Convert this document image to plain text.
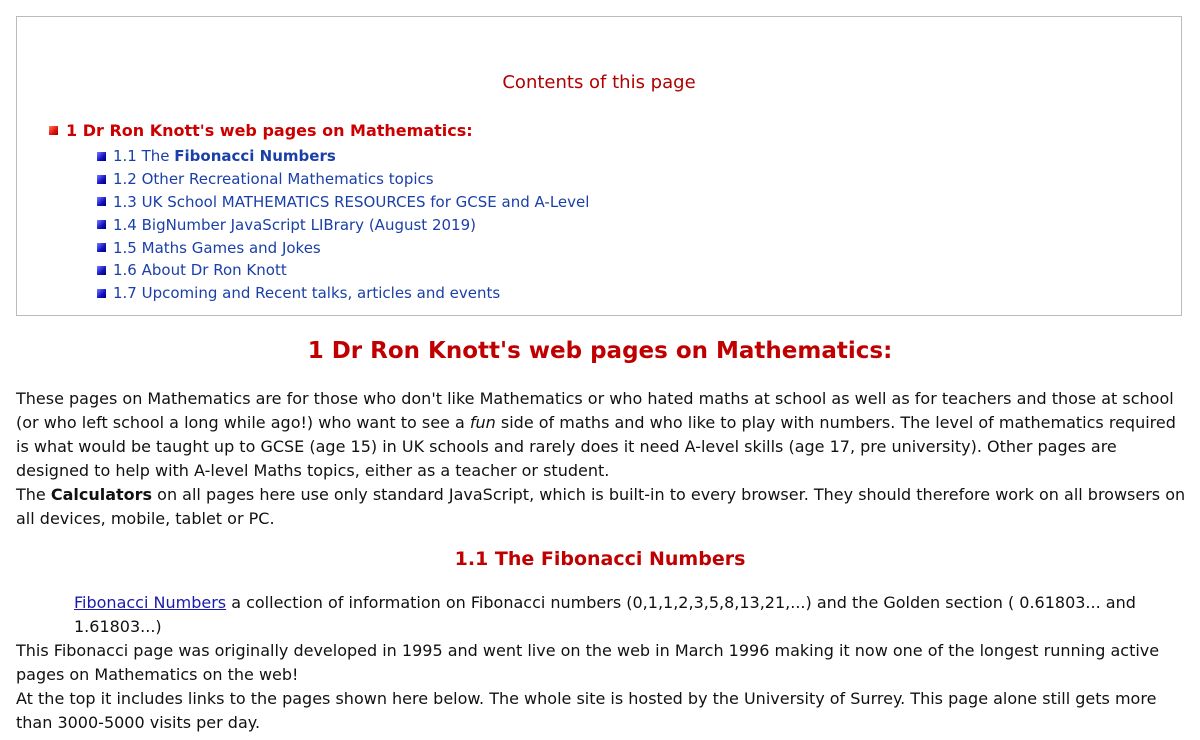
Contents of this page
1 Dr Ron Knott's web pages on Mathematics:
1.1 The Fibonacci Numbers
1.2 Other Recreational Mathematics topics
1.3 UK School MATHEMATICS RESOURCES for GCSE and A-Level
1.4 BigNumber JavaScript LIBrary (August 2019)
1.5 Maths Games and Jokes
1.6 About Dr Ron Knott
1.7 Upcoming and Recent talks, articles and events
1 Dr Ron Knott's web pages on Mathematics:
These pages on Mathematics are for those who don't like Mathematics or who hated maths at school as well as for teachers and those at school (or who left school a long while ago!) who want to see a fun side of maths and who like to play with numbers. The level of mathematics required is what would be taught up to GCSE (age 15) in UK schools and rarely does it need A-level skills (age 17, pre university). Other pages are designed to help with A-level Maths topics, either as a teacher or student.
The Calculators on all pages here use only standard JavaScript, which is built-in to every browser. They should therefore work on all browsers on all devices, mobile, tablet or PC.
1.1 The Fibonacci Numbers
Fibonacci Numbers a collection of information on Fibonacci numbers (0,1,1,2,3,5,8,13,21,...) and the Golden section ( 0.61803... and 1.61803...)
This Fibonacci page was originally developed in 1995 and went live on the web in March 1996 making it now one of the longest running active pages on Mathematics on the web!
At the top it includes links to the pages shown here below. The whole site is hosted by the University of Surrey. This page alone still gets more than 3000-5000 visits per day.
